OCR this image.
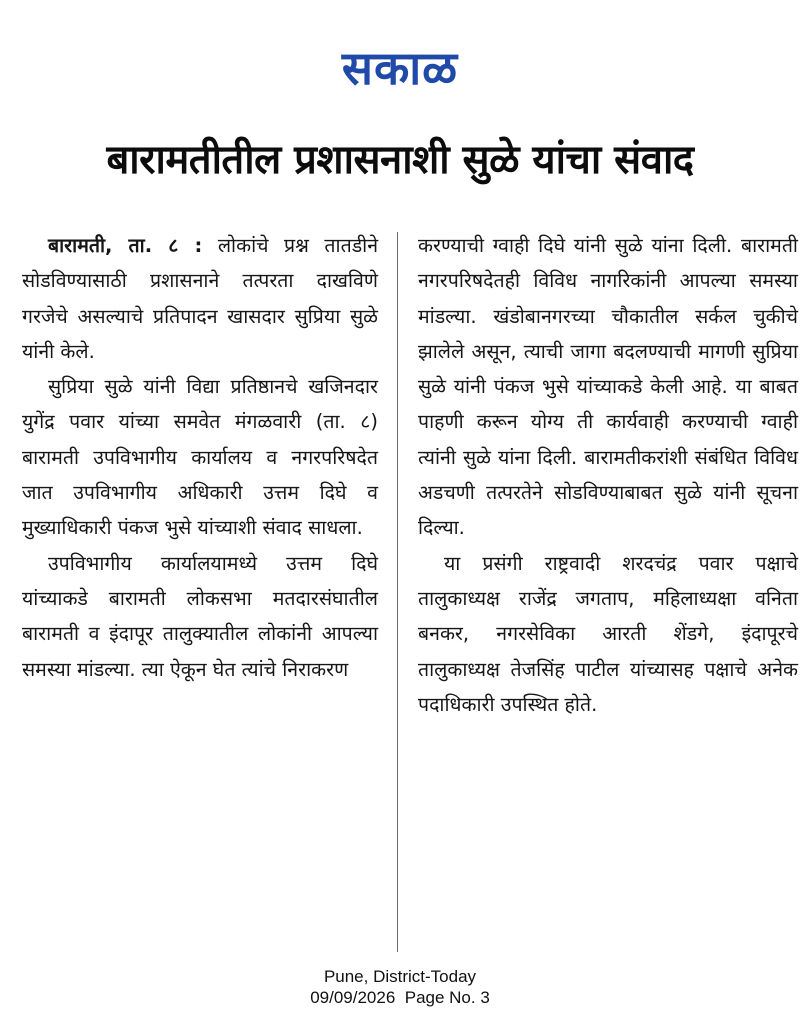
सकाळ
बारामतीतील प्रशासनाशी सुळे यांचा संवाद

बारामती, ता. ८ : लोकांचे प्रश्न तातडीने सोडविण्यासाठी प्रशासनाने तत्परता दाखविणे गरजेचे असल्याचे प्रतिपादन खासदार सुप्रिया सुळे यांनी केले.

सुप्रिया सुळे यांनी विद्या प्रतिष्ठानचे खजिनदार युगेंद्र पवार यांच्या समवेत मंगळवारी (ता. ८) बारामती उपविभागीय कार्यालय व नगरपरिषदेत जात उपविभागीय अधिकारी उत्तम दिघे व मुख्याधिकारी पंकज भुसे यांच्याशी संवाद साधला.

उपविभागीय कार्यालयामध्ये उत्तम दिघे यांच्याकडे बारामती लोकसभा मतदारसंघातील बारामती व इंदापूर तालुक्यातील लोकांनी आपल्या समस्या मांडल्या. त्या ऐकून घेत त्यांचे निराकरण

करण्याची ग्वाही दिघे यांनी सुळे यांना दिली. बारामती नगरपरिषदेतही विविध नागरिकांनी आपल्या समस्या मांडल्या. खंडोबानगरच्या चौकातील सर्कल चुकीचे झालेले असून, त्याची जागा बदलण्याची मागणी सुप्रिया सुळे यांनी पंकज भुसे यांच्याकडे केली आहे. या बाबत पाहणी करून योग्य ती कार्यवाही करण्याची ग्वाही त्यांनी सुळे यांना दिली. बारामतीकरांशी संबंधित विविध अडचणी तत्परतेने सोडविण्याबाबत सुळे यांनी सूचना दिल्या.

या प्रसंगी राष्ट्रवादी शरदचंद्र पवार पक्षाचे तालुकाध्यक्ष राजेंद्र जगताप, महिलाध्यक्षा वनिता बनकर, नगरसेविका आरती शेंडगे, इंदापूरचे तालुकाध्यक्ष तेजसिंह पाटील यांच्यासह पक्षाचे अनेक पदाधिकारी उपस्थित होते.

Pune, District-Today
09/09/2026  Page No. 3
